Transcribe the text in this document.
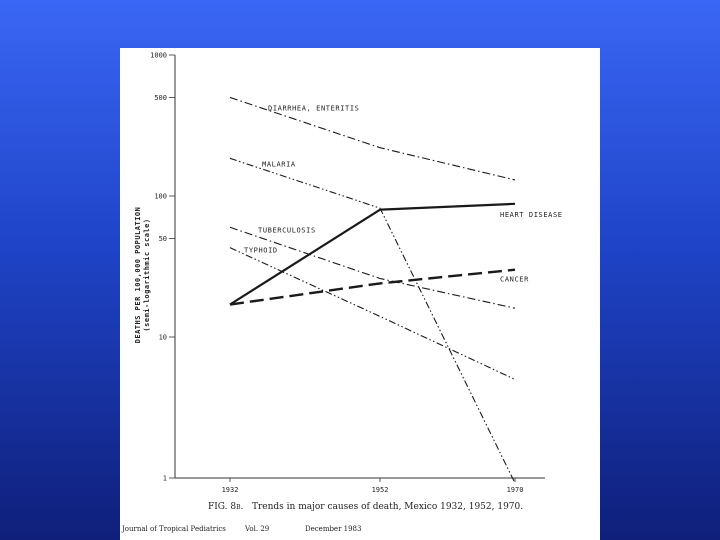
1000
500
100
50
10
1
1932	1952	1970
DIARRHEA, ENTERITIS
MALARIA
TUBERCULOSIS
TYPHOID
HEART DISEASE
CANCER
DEATHS PER 100,000 POPULATION (semi-logarithmic scale)
FIG. 8b. Trends in major causes of death, Mexico 1932, 1952, 1970.
Journal of Tropical Pediatrics	Vol. 29	December 1983
